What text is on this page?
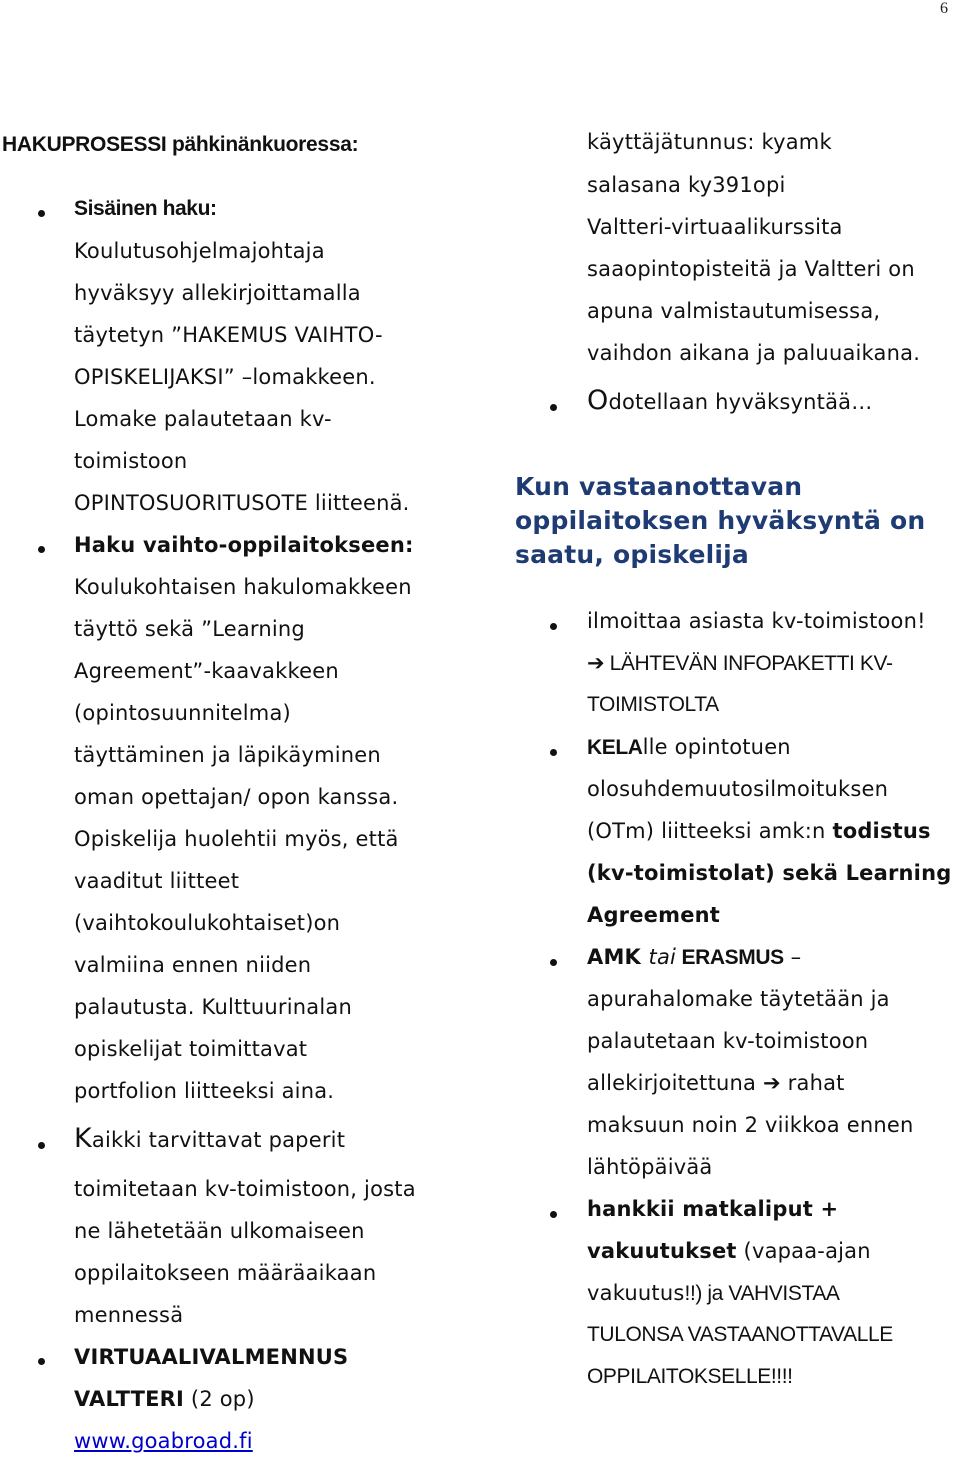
6
HAKUPROSESSI pähkinänkuoressa:
Sisäinen haku:
Koulutusohjelmajohtaja
hyväksyy allekirjoittamalla
täytetyn ”HAKEMUS VAIHTO-
OPISKELIJAKSI” –lomakkeen.
Lomake palautetaan kv-
toimistoon
OPINTOSUORITUSOTE liitteenä.
Haku vaihto-oppilaitokseen:
Koulukohtaisen hakulomakkeen
täyttö sekä ”Learning
Agreement”-kaavakkeen
(opintosuunnitelma)
täyttäminen ja läpikäyminen
oman opettajan/ opon kanssa.
Opiskelija huolehtii myös, että
vaaditut liitteet
(vaihtokoulukohtaiset)on
valmiina ennen niiden
palautusta. Kulttuurinalan
opiskelijat toimittavat
portfolion liitteeksi aina.
Kaikki tarvittavat paperit
toimitetaan kv-toimistoon, josta
ne lähetetään ulkomaiseen
oppilaitokseen määräaikaan
mennessä
VIRTUAALIVALMENNUS
VALTTERI (2 op)
www.goabroad.fi
käyttäjätunnus: kyamk
salasana ky391opi
Valtteri-virtuaalikurssita
saaopintopisteitä ja Valtteri on
apuna valmistautumisessa,
vaihdon aikana ja paluuaikana.
Odotellaan hyväksyntää…
Kun vastaanottavan
oppilaitoksen hyväksyntä on
saatu, opiskelija
ilmoittaa asiasta kv-toimistoon!
➔ LÄHTEVÄN INFOPAKETTI KV-
TOIMISTOLTA
KELAlle opintotuen
olosuhdemuutosilmoituksen
(OTm) liitteeksi amk:n todistus
(kv-toimistolat) sekä Learning
Agreement
AMK tai ERASMUS –
apurahalomake täytetään ja
palautetaan kv-toimistoon
allekirjoitettuna ➔ rahat
maksuun noin 2 viikkoa ennen
lähtöpäivää
hankkii matkaliput +
vakuutukset (vapaa-ajan
vakuutus!!) ja VAHVISTAA
TULONSA VASTAANOTTAVALLE
OPPILAITOKSELLE!!!!
